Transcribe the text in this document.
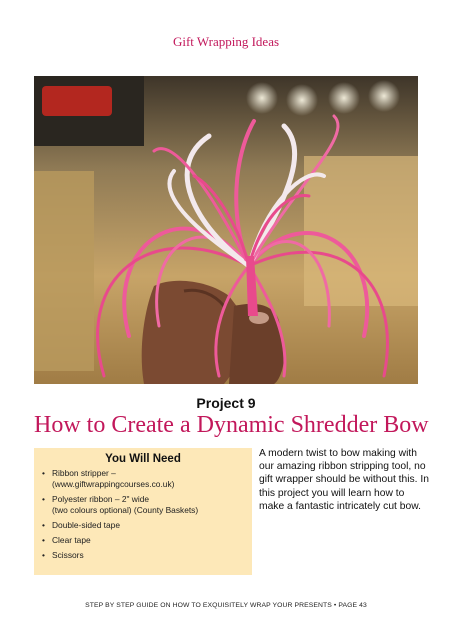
Gift Wrapping Ideas
Project 9
How to Create a Dynamic Shredder Bow
You Will Need
• Ribbon stripper –
(www.giftwrappingcourses.co.uk)
• Polyester ribbon – 2" wide
(two colours optional) (County Baskets)
• Double-sided tape
• Clear tape
• Scissors
A modern twist to bow making with our amazing ribbon stripping tool, no gift wrapper should be without this. In this project you will learn how to make a fantastic intricately cut bow.
STEP BY STEP GUIDE ON HOW TO EXQUISITELY WRAP YOUR PRESENTS • PAGE 43
